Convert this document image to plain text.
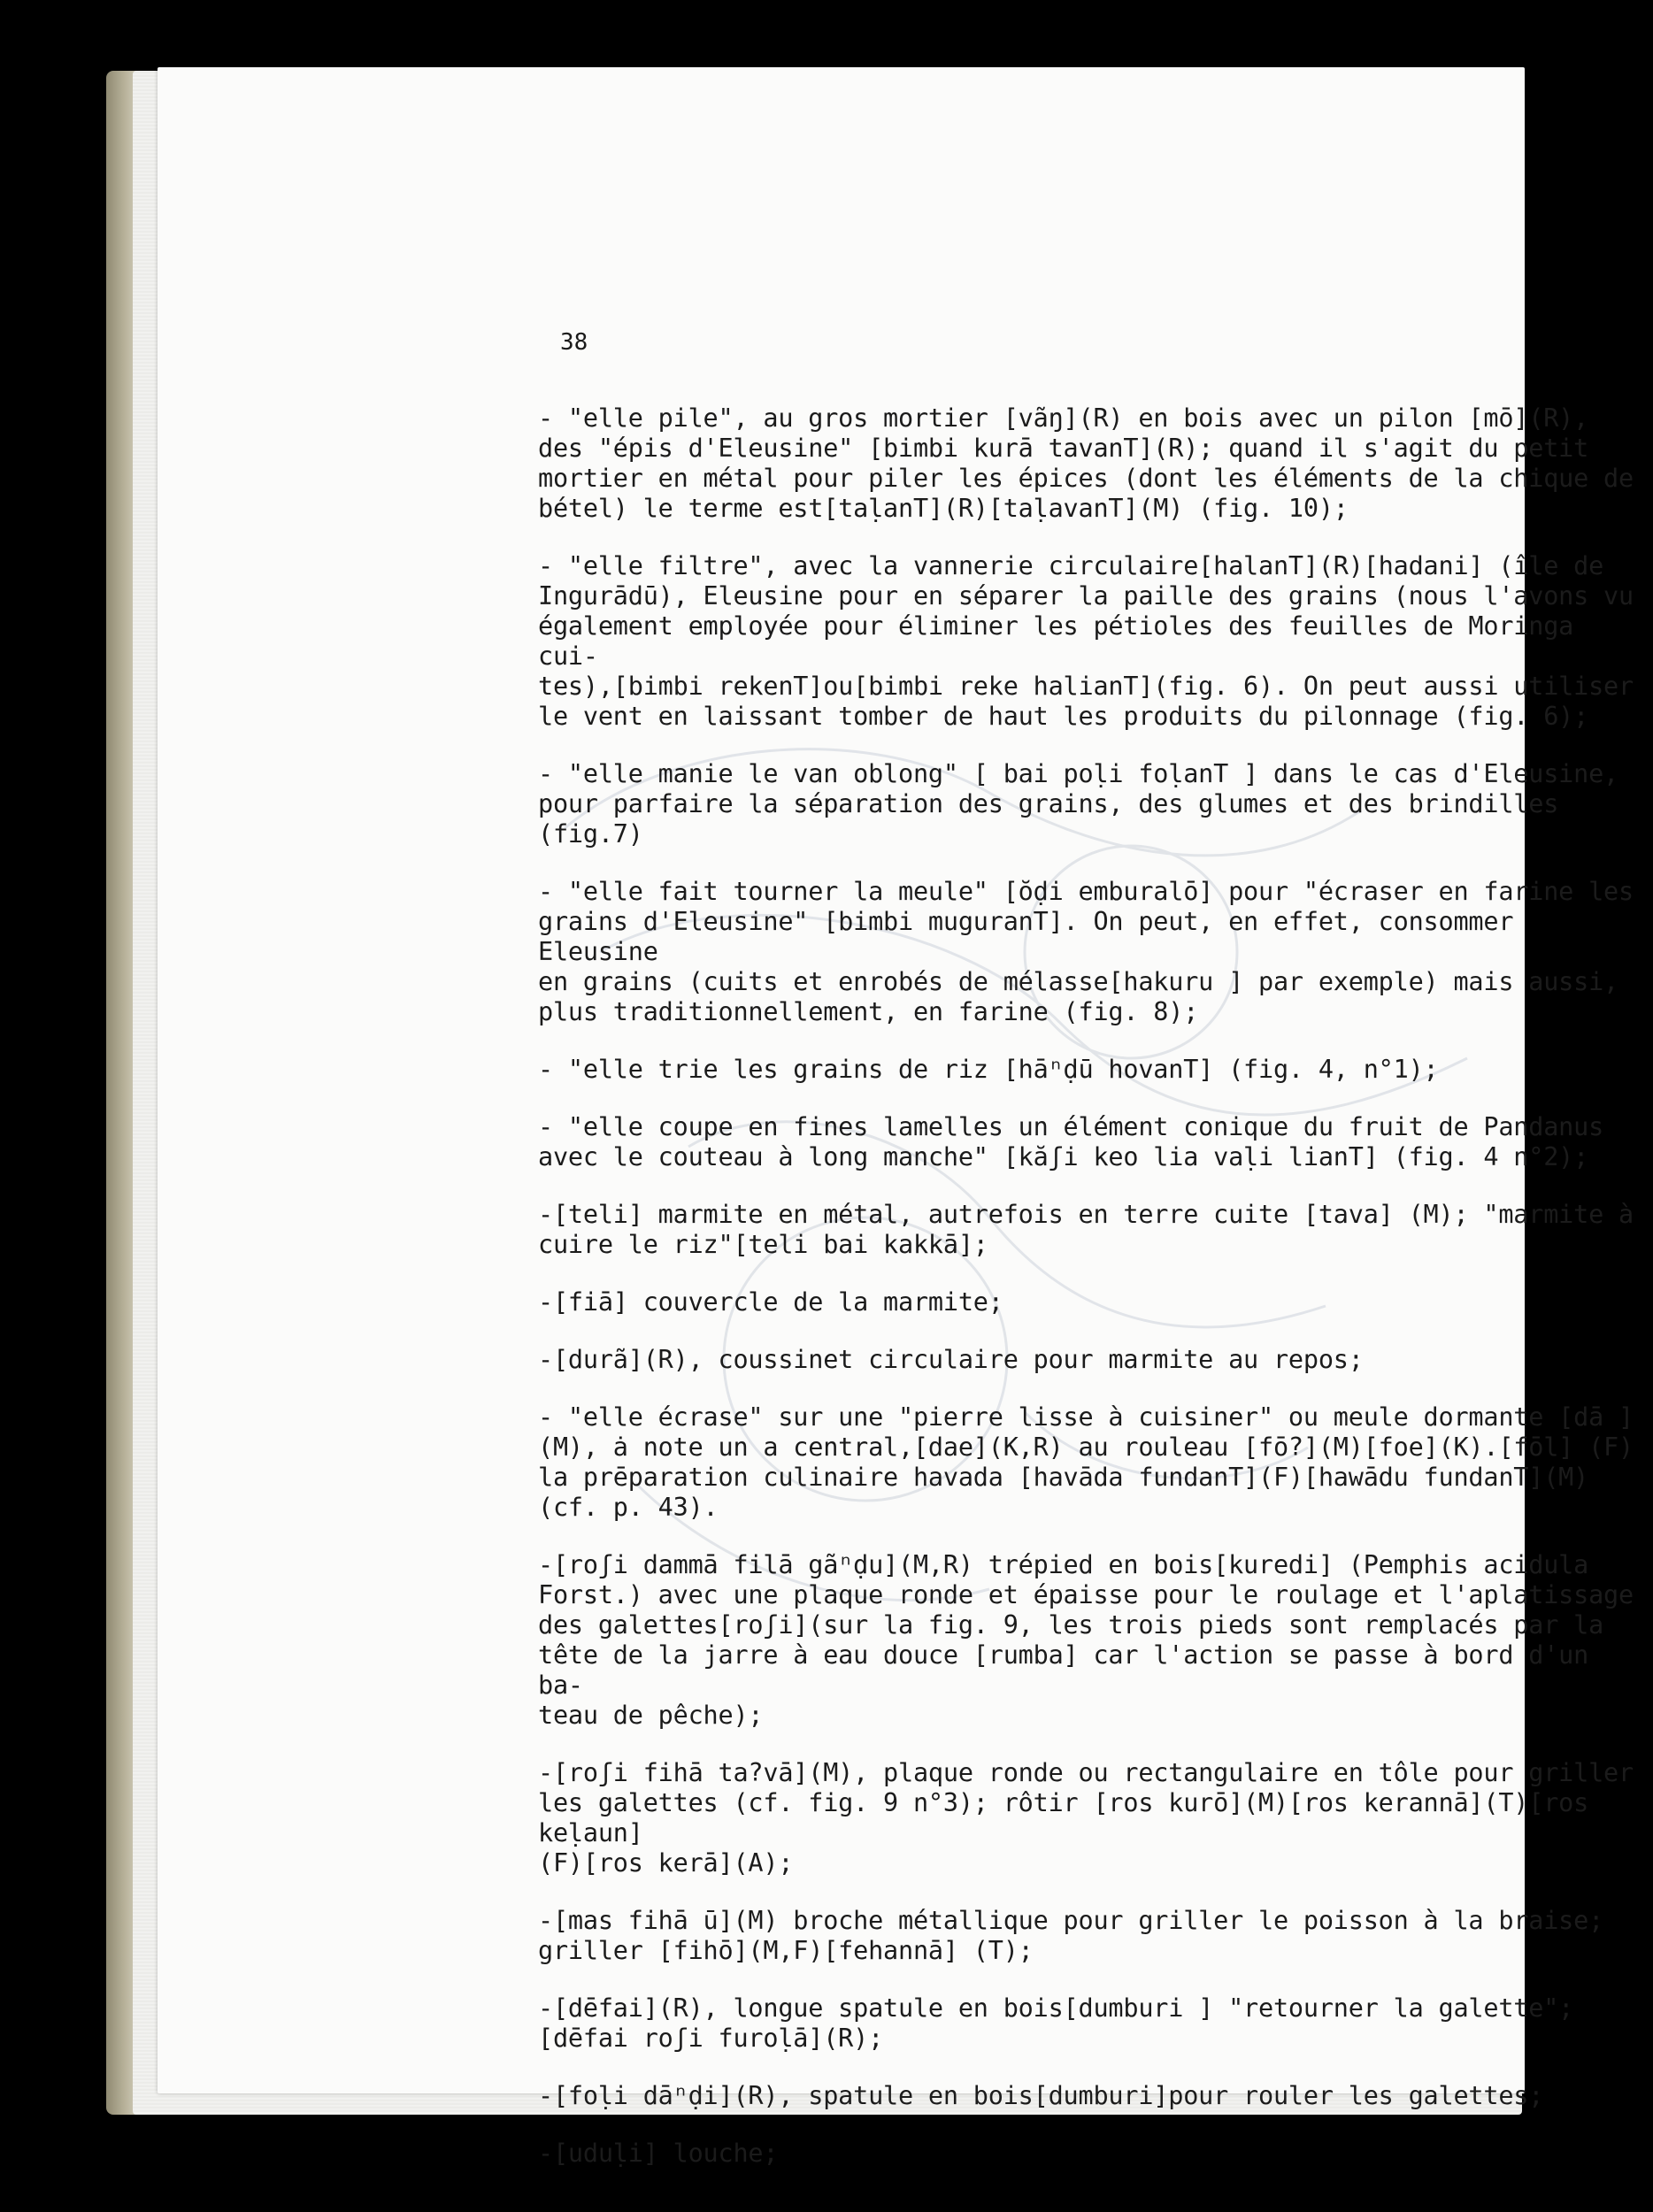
38
- "elle pile", au gros mortier [vãŋ](R) en bois avec un pilon [mō](R),
des "épis d'Eleusine" [bimbi kurā tavanT](R); quand il s'agit du petit
mortier en métal pour piler les épices (dont les éléments de la chique de
bétel) le terme est[taḷanT](R)[taḷavanT](M) (fig. 10);
- "elle filtre", avec la vannerie circulaire[halanT](R)[hadani] (île de
Ingurādū), Eleusine pour en séparer la paille des grains (nous l'avons vu
également employée pour éliminer les pétioles des feuilles de Moringa cui-
tes),[bimbi rekenT]ou[bimbi reke halianT](fig. 6). On peut aussi utiliser
le vent en laissant tomber de haut les produits du pilonnage (fig. 6);
- "elle manie le van oblong" [ bai poḷi foḷanT ] dans le cas d'Eleusine,
pour parfaire la séparation des grains, des glumes et des brindilles (fig.7)
- "elle fait tourner la meule" [ŏḍi emburalō] pour "écraser en farine les
grains d'Eleusine" [bimbi muguranT]. On peut, en effet, consommer Eleusine
en grains (cuits et enrobés de mélasse[hakuru ] par exemple) mais aussi,
plus traditionnellement, en farine (fig. 8);
- "elle trie les grains de riz [hāⁿḍū hovanT] (fig. 4, n°1);
- "elle coupe en fines lamelles un élément conique du fruit de Pandanus
avec le couteau à long manche" [kăʃi keo lia vaḷi lianT] (fig. 4 n°2);
-[teli] marmite en métal, autrefois en terre cuite [tava] (M); "marmite à
cuire le riz"[teli bai kakkā];
-[fiā] couvercle de la marmite;
-[durã](R), coussinet circulaire pour marmite au repos;
- "elle écrase" sur une "pierre lisse à cuisiner" ou meule dormante [dā ]
(M), ȧ note un a central,[dae](K,R) au rouleau [fō?](M)[foe](K).[fōl] (F)
la prēparation culinaire havada [havāda fundanT](F)[hawādu fundanT](M)
(cf. p. 43).
-[roʃi dammā filā gãⁿḍu](M,R) trépied en bois[kuredi] (Pemphis acidula
Forst.) avec une plaque ronde et épaisse pour le roulage et l'aplatissage
des galettes[roʃi](sur la fig. 9, les trois pieds sont remplacés par la
tête de la jarre à eau douce [rumba] car l'action se passe à bord d'un ba-
teau de pêche);
-[roʃi fihā ta?vā](M), plaque ronde ou rectangulaire en tôle pour griller
les galettes (cf. fig. 9 n°3); rôtir [ros kurō](M)[ros kerannā](T)[ros keḷaun]
(F)[ros kerā](A);
-[mas fihā ū](M) broche métallique pour griller le poisson à la braise;
griller [fihō](M,F)[fehannā] (T);
-[dēfai](R), longue spatule en bois[dumburi ] "retourner la galette";
[dēfai roʃi furoḷā](R);
-[foḷi dāⁿḍi](R), spatule en bois[dumburi]pour rouler les galettes;
-[uduḷi] louche;
